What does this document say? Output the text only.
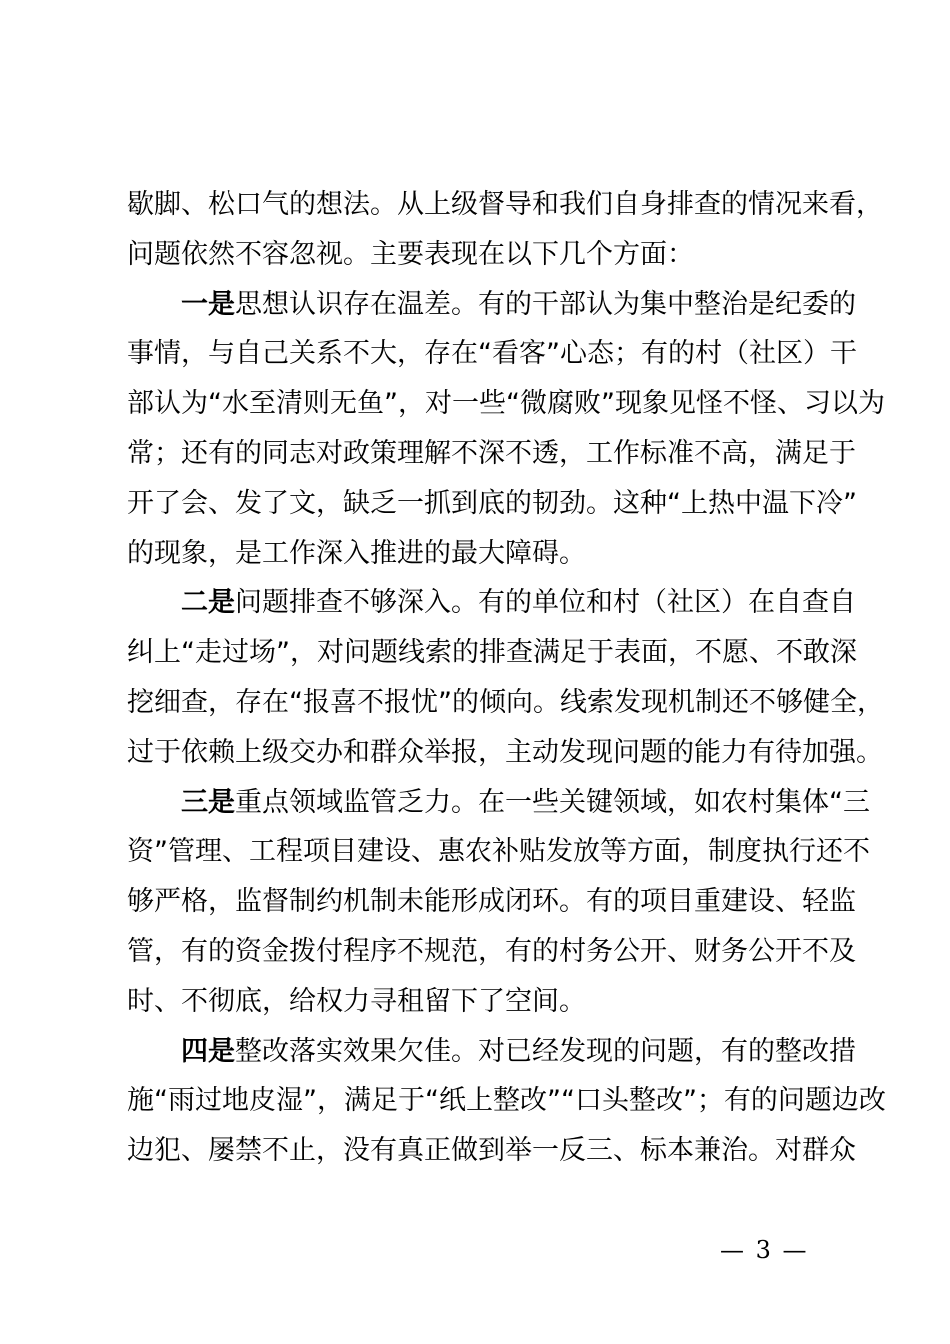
歇脚、松口气的想法。从上级督导和我们自身排查的情况来看，
问题依然不容忽视。主要表现在以下几个方面：
一是思想认识存在温差。有的干部认为集中整治是纪委的
事情，与自己关系不大，存在“看客”心态；有的村（社区）干
部认为“水至清则无鱼”，对一些“微腐败”现象见怪不怪、习以为
常；还有的同志对政策理解不深不透，工作标准不高，满足于
开了会、发了文，缺乏一抓到底的韧劲。这种“上热中温下冷”
的现象，是工作深入推进的最大障碍。
二是问题排查不够深入。有的单位和村（社区）在自查自
纠上“走过场”，对问题线索的排查满足于表面，不愿、不敢深
挖细查，存在“报喜不报忧”的倾向。线索发现机制还不够健全，
过于依赖上级交办和群众举报，主动发现问题的能力有待加强。
三是重点领域监管乏力。在一些关键领域，如农村集体“三
资”管理、工程项目建设、惠农补贴发放等方面，制度执行还不
够严格，监督制约机制未能形成闭环。有的项目重建设、轻监
管，有的资金拨付程序不规范，有的村务公开、财务公开不及
时、不彻底，给权力寻租留下了空间。
四是整改落实效果欠佳。对已经发现的问题，有的整改措
施“雨过地皮湿”，满足于“纸上整改”“口头整改”；有的问题边改
边犯、屡禁不止，没有真正做到举一反三、标本兼治。对群众
— 3 —
